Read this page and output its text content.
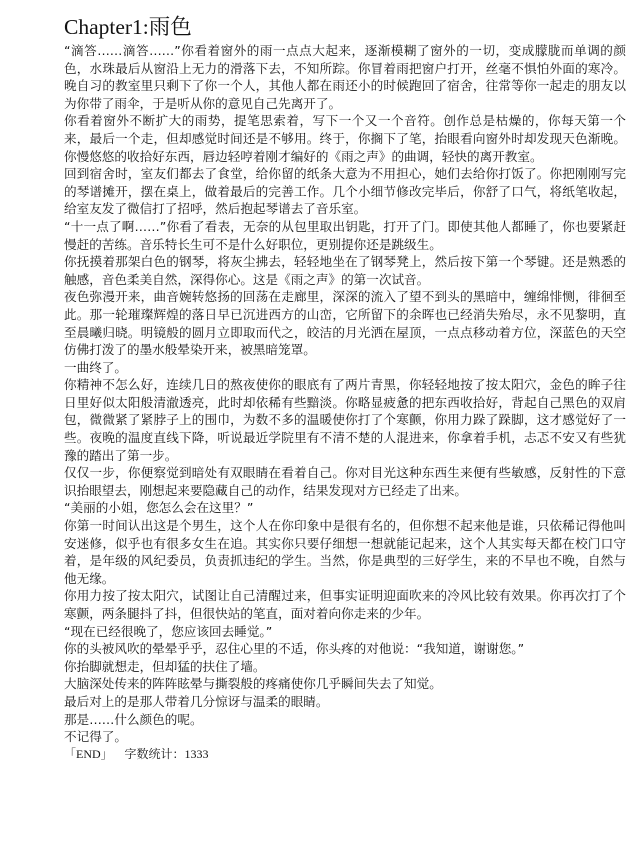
Chapter1:雨色

“滴答……滴答……”你看着窗外的雨一点点大起来，逐渐模糊了窗外的一切，变成朦胧而单调的颜色，水珠最后从窗沿上无力的滑落下去，不知所踪。你冒着雨把窗户打开，丝毫不惧怕外面的寒冷。晚自习的教室里只剩下了你一个人，其他人都在雨还小的时候跑回了宿舍，往常等你一起走的朋友以为你带了雨伞，于是听从你的意见自己先离开了。

你看着窗外不断扩大的雨势，提笔思索着，写下一个又一个音符。创作总是枯燥的，你每天第一个来，最后一个走，但却感觉时间还是不够用。终于，你搁下了笔，抬眼看向窗外时却发现天色渐晚。你慢悠悠的收拾好东西，唇边轻哼着刚才编好的《雨之声》的曲调，轻快的离开教室。

回到宿舍时，室友们都去了食堂，给你留的纸条大意为不用担心，她们去给你打饭了。你把刚刚写完的琴谱摊开，摆在桌上，做着最后的完善工作。几个小细节修改完毕后，你舒了口气，将纸笔收起，给室友发了微信打了招呼，然后抱起琴谱去了音乐室。

“十一点了啊……”你看了看表，无奈的从包里取出钥匙，打开了门。即使其他人都睡了，你也要紧赶慢赶的苦练。音乐特长生可不是什么好职位，更别提你还是跳级生。

你抚摸着那架白色的钢琴，将灰尘拂去，轻轻地坐在了钢琴凳上，然后按下第一个琴键。还是熟悉的触感，音色柔美自然，深得你心。这是《雨之声》的第一次试音。

夜色弥漫开来，曲音婉转悠扬的回荡在走廊里，深深的流入了望不到头的黑暗中，缠绵悱恻，徘徊至此。那一轮璀璨辉煌的落日早已沉进西方的山峦，它所留下的余晖也已经消失殆尽，永不见黎明，直至晨曦归晓。明镜般的圆月立即取而代之，皎洁的月光洒在屋顶，一点点移动着方位，深蓝色的天空仿佛打泼了的墨水般晕染开来，被黑暗笼罩。

一曲终了。

你精神不怎么好，连续几日的熬夜使你的眼底有了两片青黑，你轻轻地按了按太阳穴，金色的眸子往日里好似太阳般清澈透亮，此时却依稀有些黯淡。你略显疲惫的把东西收拾好，背起自己黑色的双肩包，微微紧了紧脖子上的围巾，为数不多的温暖使你打了个寒颤，你用力跺了跺脚，这才感觉好了一些。夜晚的温度直线下降，听说最近学院里有不清不楚的人混进来，你拿着手机，忐忑不安又有些犹豫的踏出了第一步。

仅仅一步，你便察觉到暗处有双眼睛在看着自己。你对目光这种东西生来便有些敏感，反射性的下意识抬眼望去，刚想起来要隐藏自己的动作，结果发现对方已经走了出来。

“美丽的小姐，您怎么会在这里？”

你第一时间认出这是个男生，这个人在你印象中是很有名的，但你想不起来他是谁，只依稀记得他叫安迷修，似乎也有很多女生在追。其实你只要仔细想一想就能记起来，这个人其实每天都在校门口守着，是年级的风纪委员，负责抓违纪的学生。当然，你是典型的三好学生，来的不早也不晚，自然与他无缘。

你用力按了按太阳穴，试图让自己清醒过来，但事实证明迎面吹来的冷风比较有效果。你再次打了个寒颤，两条腿抖了抖，但很快站的笔直，面对着向你走来的少年。

“现在已经很晚了，您应该回去睡觉。”

你的头被风吹的晕晕乎乎，忍住心里的不适，你头疼的对他说：“我知道，谢谢您。”

你抬脚就想走，但却猛的扶住了墙。

大脑深处传来的阵阵眩晕与撕裂般的疼痛使你几乎瞬间失去了知觉。

最后对上的是那人带着几分惊讶与温柔的眼睛。

那是……什么颜色的呢。

不记得了。

「END」 字数统计：1333
